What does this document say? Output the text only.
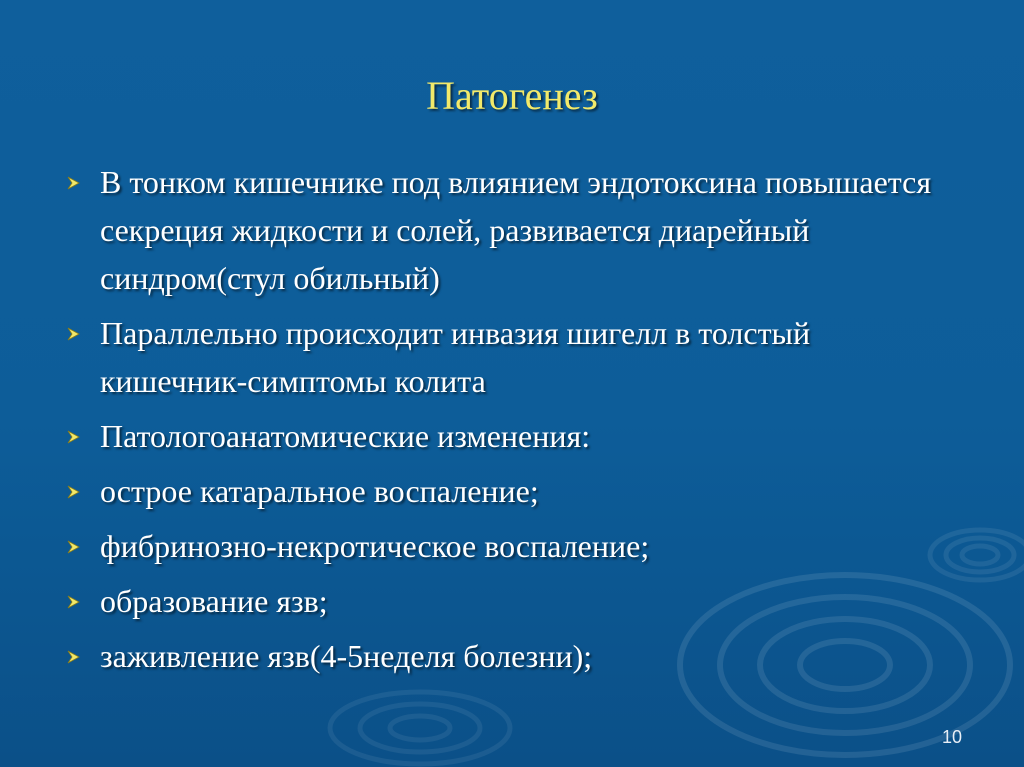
Патогенез
В тонком кишечнике под влиянием эндотоксина повышается секреция жидкости и солей, развивается диарейный синдром(стул обильный)
Параллельно происходит инвазия шигелл в толстый кишечник-симптомы колита
Патологоанатомические изменения:
острое катаральное воспаление;
фибринозно-некротическое воспаление;
образование язв;
заживление язв(4-5неделя болезни);
10
